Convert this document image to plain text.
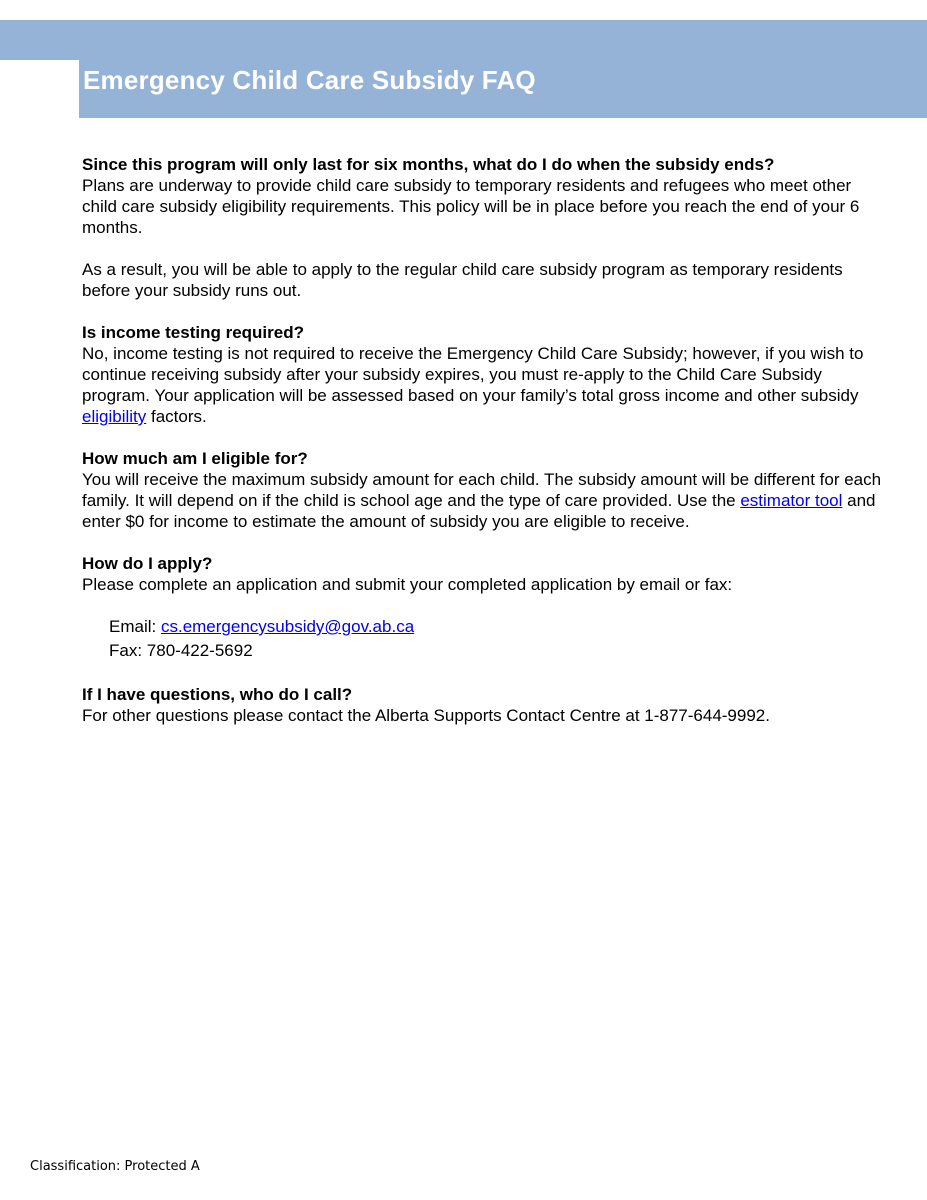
Emergency Child Care Subsidy FAQ

Since this program will only last for six months, what do I do when the subsidy ends?

Plans are underway to provide child care subsidy to temporary residents and refugees who meet other child care subsidy eligibility requirements. This policy will be in place before you reach the end of your 6 months.

As a result, you will be able to apply to the regular child care subsidy program as temporary residents before your subsidy runs out.

Is income testing required?

No, income testing is not required to receive the Emergency Child Care Subsidy; however, if you wish to continue receiving subsidy after your subsidy expires, you must re-apply to the Child Care Subsidy program. Your application will be assessed based on your family’s total gross income and other subsidy eligibility factors.

How much am I eligible for?

You will receive the maximum subsidy amount for each child. The subsidy amount will be different for each family. It will depend on if the child is school age and the type of care provided. Use the estimator tool and enter $0 for income to estimate the amount of subsidy you are eligible to receive.

How do I apply?

Please complete an application and submit your completed application by email or fax:

Email: cs.emergencysubsidy@gov.ab.ca

Fax: 780-422-5692

If I have questions, who do I call?

For other questions please contact the Alberta Supports Contact Centre at 1-877-644-9992.

Classification: Protected A
